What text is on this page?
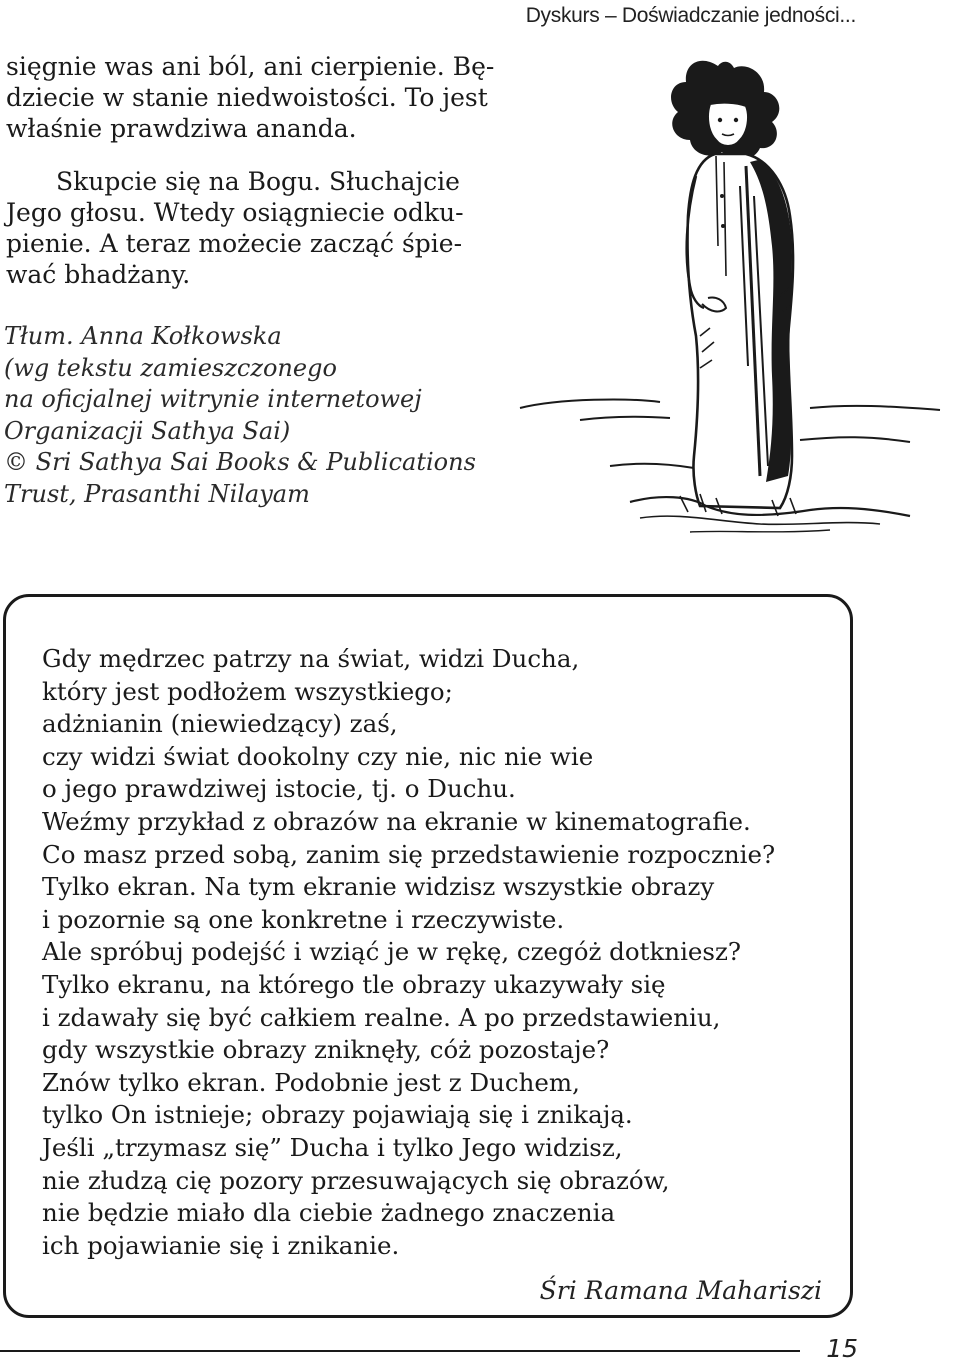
Dyskurs – Doświadczanie jedności...

sięgnie was ani ból, ani cierpienie. Bę-

dziecie w stanie niedwoistości. To jest

właśnie prawdziwa ananda.

Skupcie się na Bogu. Słuchajcie

Jego głosu. Wtedy osiągniecie odku-

pienie. A teraz możecie zacząć śpie-

wać bhadżany.

Tłum. Anna Kołkowska

(wg tekstu zamieszczonego

na oficjalnej witrynie internetowej

Organizacji Sathya Sai)

© Sri Sathya Sai Books & Publications

Trust, Prasanthi Nilayam

Gdy mędrzec patrzy na świat, widzi Ducha,

który jest podłożem wszystkiego;

adżnianin (niewiedzący) zaś,

czy widzi świat dookolny czy nie, nic nie wie

o jego prawdziwej istocie, tj. o Duchu.

Weźmy przykład z obrazów na ekranie w kinematografie.

Co masz przed sobą, zanim się przedstawienie rozpocznie?

Tylko ekran. Na tym ekranie widzisz wszystkie obrazy

i pozornie są one konkretne i rzeczywiste.

Ale spróbuj podejść i wziąć je w rękę, czegóż dotkniesz?

Tylko ekranu, na którego tle obrazy ukazywały się

i zdawały się być całkiem realne. A po przedstawieniu,

gdy wszystkie obrazy zniknęły, cóż pozostaje?

Znów tylko ekran. Podobnie jest z Duchem,

tylko On istnieje; obrazy pojawiają się i znikają.

Jeśli „trzymasz się” Ducha i tylko Jego widzisz,

nie złudzą cię pozory przesuwających się obrazów,

nie będzie miało dla ciebie żadnego znaczenia

ich pojawianie się i znikanie.

Śri Ramana Mahariszi
15
